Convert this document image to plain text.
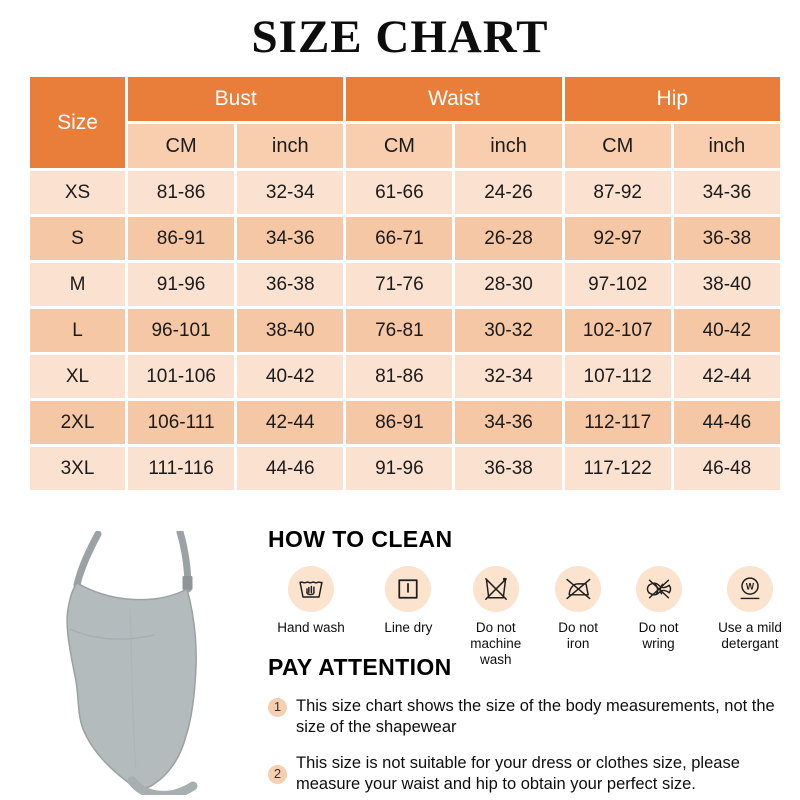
SIZE CHART
Size	Bust		Waist		Hip	
	CM	inch	CM	inch	CM	inch
XS	81-86	32-34	61-66	24-26	87-92	34-36
S	86-91	34-36	66-71	26-28	92-97	36-38
M	91-96	36-38	71-76	28-30	97-102	38-40
L	96-101	38-40	76-81	30-32	102-107	40-42
XL	101-106	40-42	81-86	32-34	107-112	42-44
2XL	106-111	42-44	86-91	34-36	112-117	44-46
3XL	111-116	44-46	91-96	36-38	117-122	46-48
HOW TO CLEAN
Hand wash	Line dry	Do not machine wash
Do not iron
Do not wring
W
Use a mild detergant
PAY ATTENTION
1 This size chart shows the size of the body measurements, not the size of the shapewear
2
This size is not suitable for your dress or clothes size, please measure your waist and hip to obtain your perfect size.
